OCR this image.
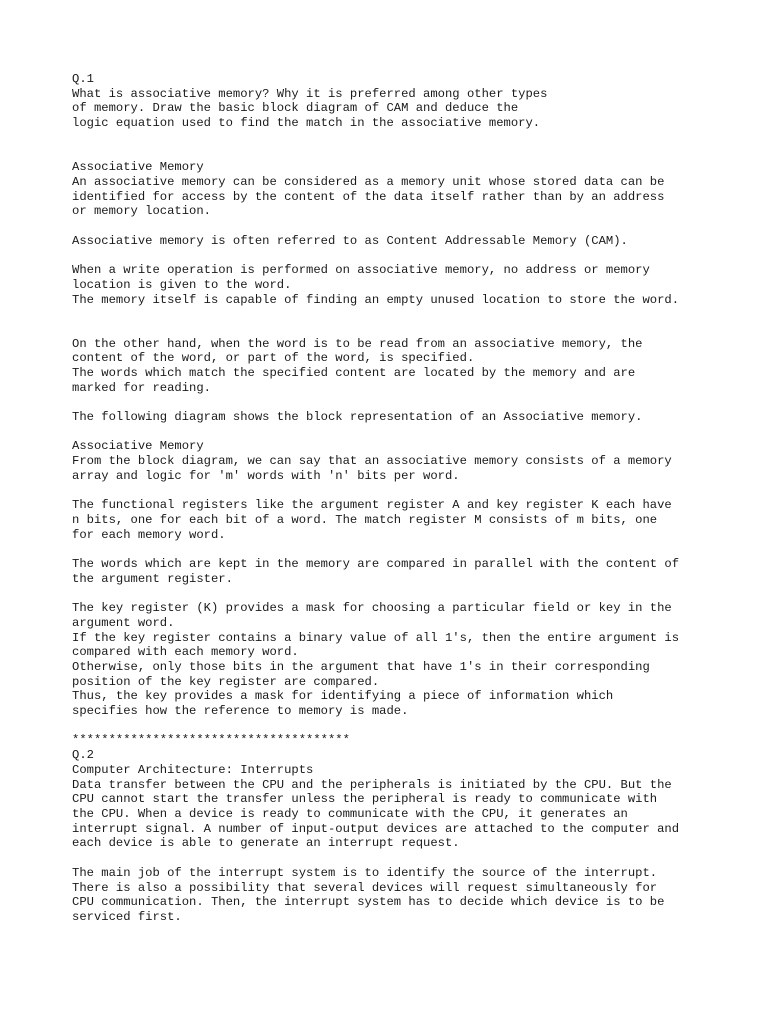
Q.1
What is associative memory? Why it is preferred among other types
of memory. Draw the basic block diagram of CAM and deduce the
logic equation used to find the match in the associative memory.
Associative Memory
An associative memory can be considered as a memory unit whose stored data can be
identified for access by the content of the data itself rather than by an address
or memory location.
Associative memory is often referred to as Content Addressable Memory (CAM).
When a write operation is performed on associative memory, no address or memory
location is given to the word.
The memory itself is capable of finding an empty unused location to store the word.
On the other hand, when the word is to be read from an associative memory, the
content of the word, or part of the word, is specified.
The words which match the specified content are located by the memory and are
marked for reading.
The following diagram shows the block representation of an Associative memory.
Associative Memory
From the block diagram, we can say that an associative memory consists of a memory
array and logic for 'm' words with 'n' bits per word.
The functional registers like the argument register A and key register K each have
n bits, one for each bit of a word. The match register M consists of m bits, one
for each memory word.
The words which are kept in the memory are compared in parallel with the content of
the argument register.
The key register (K) provides a mask for choosing a particular field or key in the
argument word.
If the key register contains a binary value of all 1's, then the entire argument is
compared with each memory word.
Otherwise, only those bits in the argument that have 1's in their corresponding
position of the key register are compared.
Thus, the key provides a mask for identifying a piece of information which
specifies how the reference to memory is made.
**************************************
Q.2
Computer Architecture: Interrupts
Data transfer between the CPU and the peripherals is initiated by the CPU. But the
CPU cannot start the transfer unless the peripheral is ready to communicate with
the CPU. When a device is ready to communicate with the CPU, it generates an
interrupt signal. A number of input-output devices are attached to the computer and
each device is able to generate an interrupt request.
The main job of the interrupt system is to identify the source of the interrupt.
There is also a possibility that several devices will request simultaneously for
CPU communication. Then, the interrupt system has to decide which device is to be
serviced first.
